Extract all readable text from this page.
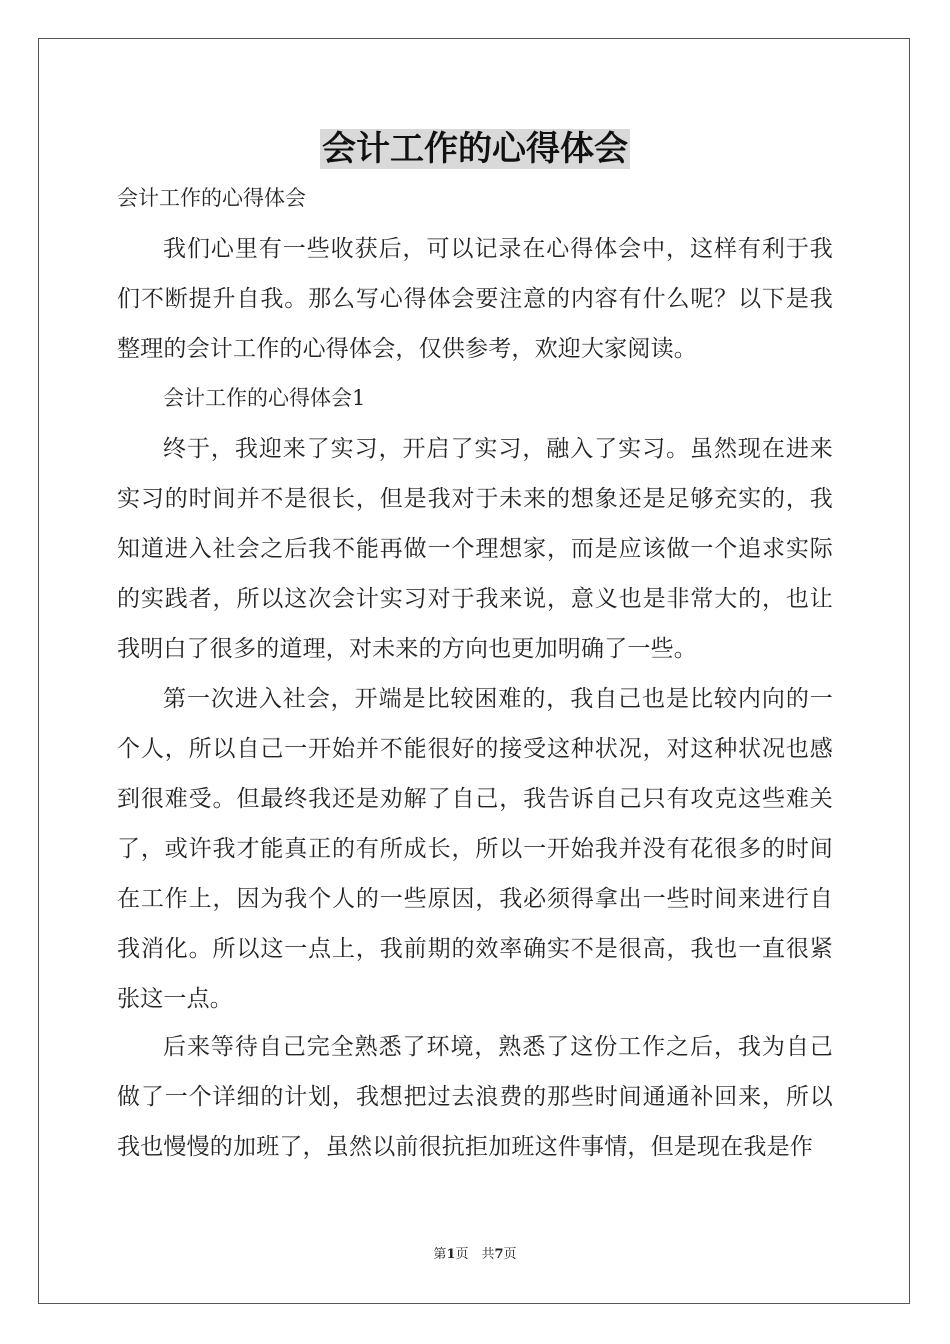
会计工作的心得体会
会计工作的心得体会

我们心里有一些收获后，可以记录在心得体会中，这样有利于我们不断提升自我。那么写心得体会要注意的内容有什么呢？以下是我整理的会计工作的心得体会，仅供参考，欢迎大家阅读。

会计工作的心得体会1

终于，我迎来了实习，开启了实习，融入了实习。虽然现在进来实习的时间并不是很长，但是我对于未来的想象还是足够充实的，我知道进入社会之后我不能再做一个理想家，而是应该做一个追求实际的实践者，所以这次会计实习对于我来说，意义也是非常大的，也让我明白了很多的道理，对未来的方向也更加明确了一些。

第一次进入社会，开端是比较困难的，我自己也是比较内向的一个人，所以自己一开始并不能很好的接受这种状况，对这种状况也感到很难受。但最终我还是劝解了自己，我告诉自己只有攻克这些难关了，或许我才能真正的有所成长，所以一开始我并没有花很多的时间在工作上，因为我个人的一些原因，我必须得拿出一些时间来进行自我消化。所以这一点上，我前期的效率确实不是很高，我也一直很紧张这一点。

后来等待自己完全熟悉了环境，熟悉了这份工作之后，我为自己做了一个详细的计划，我想把过去浪费的那些时间通通补回来，所以我也慢慢的加班了，虽然以前很抗拒加班这件事情，但是现在我是作

第1页　共7页
